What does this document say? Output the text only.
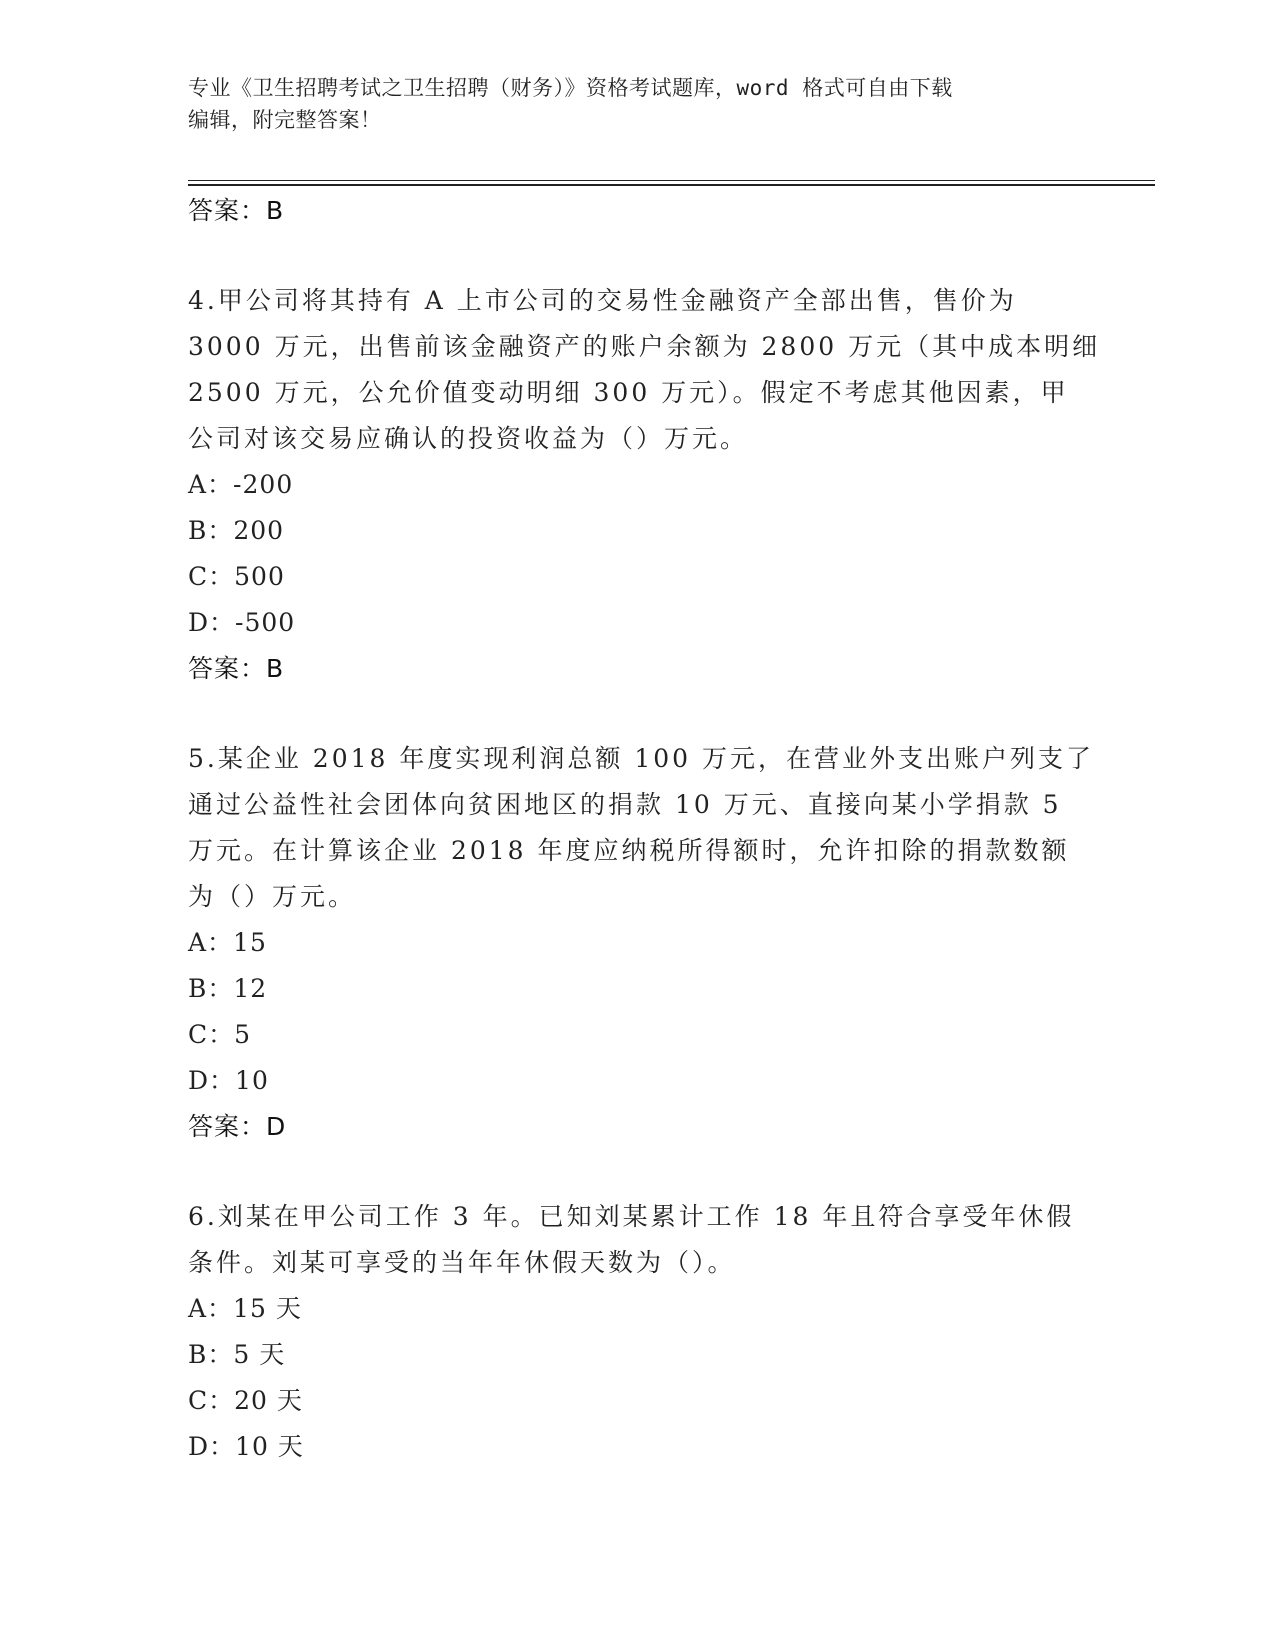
专业《卫生招聘考试之卫生招聘（财务）》资格考试题库，word 格式可自由下载
编辑，附完整答案！
答案：B
4.甲公司将其持有 A 上市公司的交易性金融资产全部出售，售价为
3000 万元，出售前该金融资产的账户余额为 2800 万元（其中成本明细
2500 万元，公允价值变动明细 300 万元）。假定不考虑其他因素，甲
公司对该交易应确认的投资收益为（）万元。
A：-200
B：200
C：500
D：-500
答案：B
5.某企业 2018 年度实现利润总额 100 万元，在营业外支出账户列支了
通过公益性社会团体向贫困地区的捐款 10 万元、直接向某小学捐款 5
万元。在计算该企业 2018 年度应纳税所得额时，允许扣除的捐款数额
为（）万元。
A：15
B：12
C：5
D：10
答案：D
6.刘某在甲公司工作 3 年。已知刘某累计工作 18 年且符合享受年休假
条件。刘某可享受的当年年休假天数为（）。
A：15 天
B：5 天
C：20 天
D：10 天
